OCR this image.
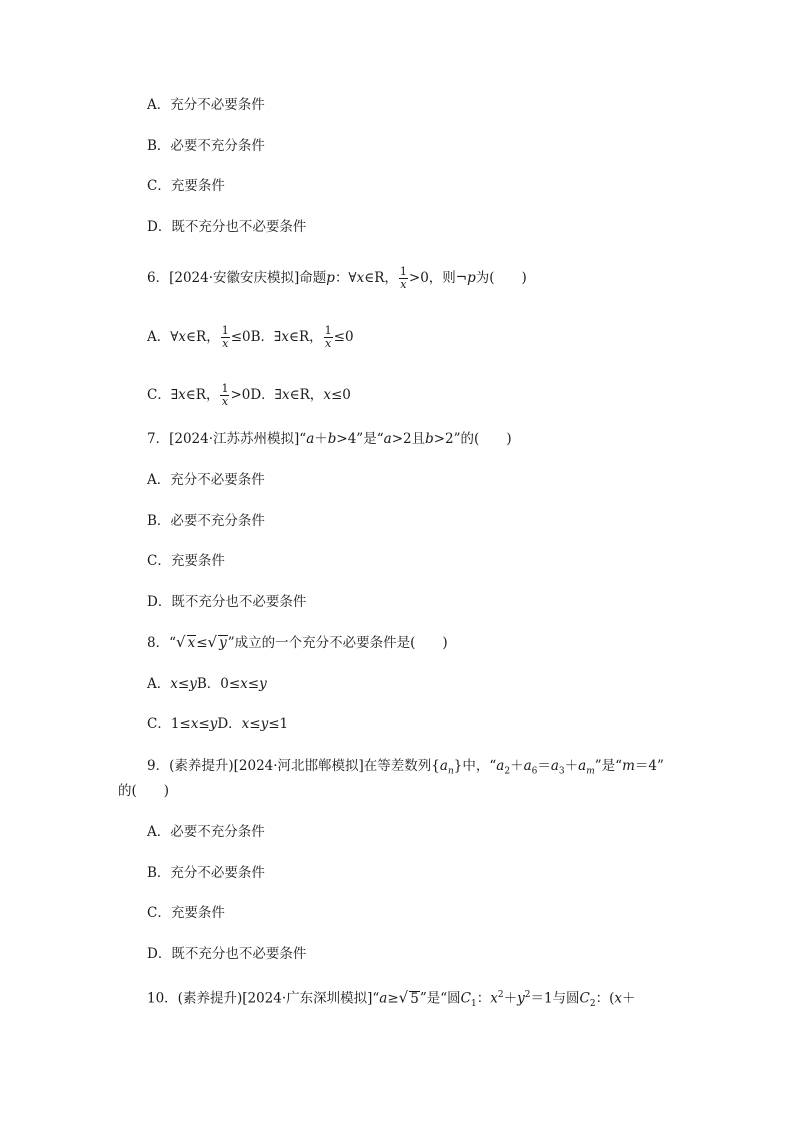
A．充分不必要条件
B．必要不充分条件
C．充要条件
D．既不充分也不必要条件
6．[2024·安徽安庆模拟]命题p：∀x∈R， $\frac{1}{x} >0$，则¬p为(　　)
A．∀x∈R， $\frac{1}{x} \le 0B$．∃x∈R， $\frac{1}{x} \le 0$
C．∃x∈R， $\frac{1}{x} >0D$．∃x∈R，x≤0
7．[2024·江苏苏州模拟]“a＋b>4”是“a>2且b>2”的(　　)
A．充分不必要条件
B．必要不充分条件
C．充要条件
D．既不充分也不必要条件
8．“√ x≤√ y”成立的一个充分不必要条件是(　　)
A．x≤yB．0≤x≤y
C．1≤x≤yD．x≤y≤1
9．(素养提升)[2024·河北邯郸模拟]在等差数列$\{a_n\}$中，“$a_2+a_6=a_3+a_m$”是“m＝4”
的(　　)
A．必要不充分条件
B．充分不必要条件
C．充要条件
D．既不充分也不必要条件
10．(素养提升)[2024·广东深圳模拟]“a≥√ 5”是“圆$C_1$：$x^2+y^2=1$与圆$C_2$：(x＋
